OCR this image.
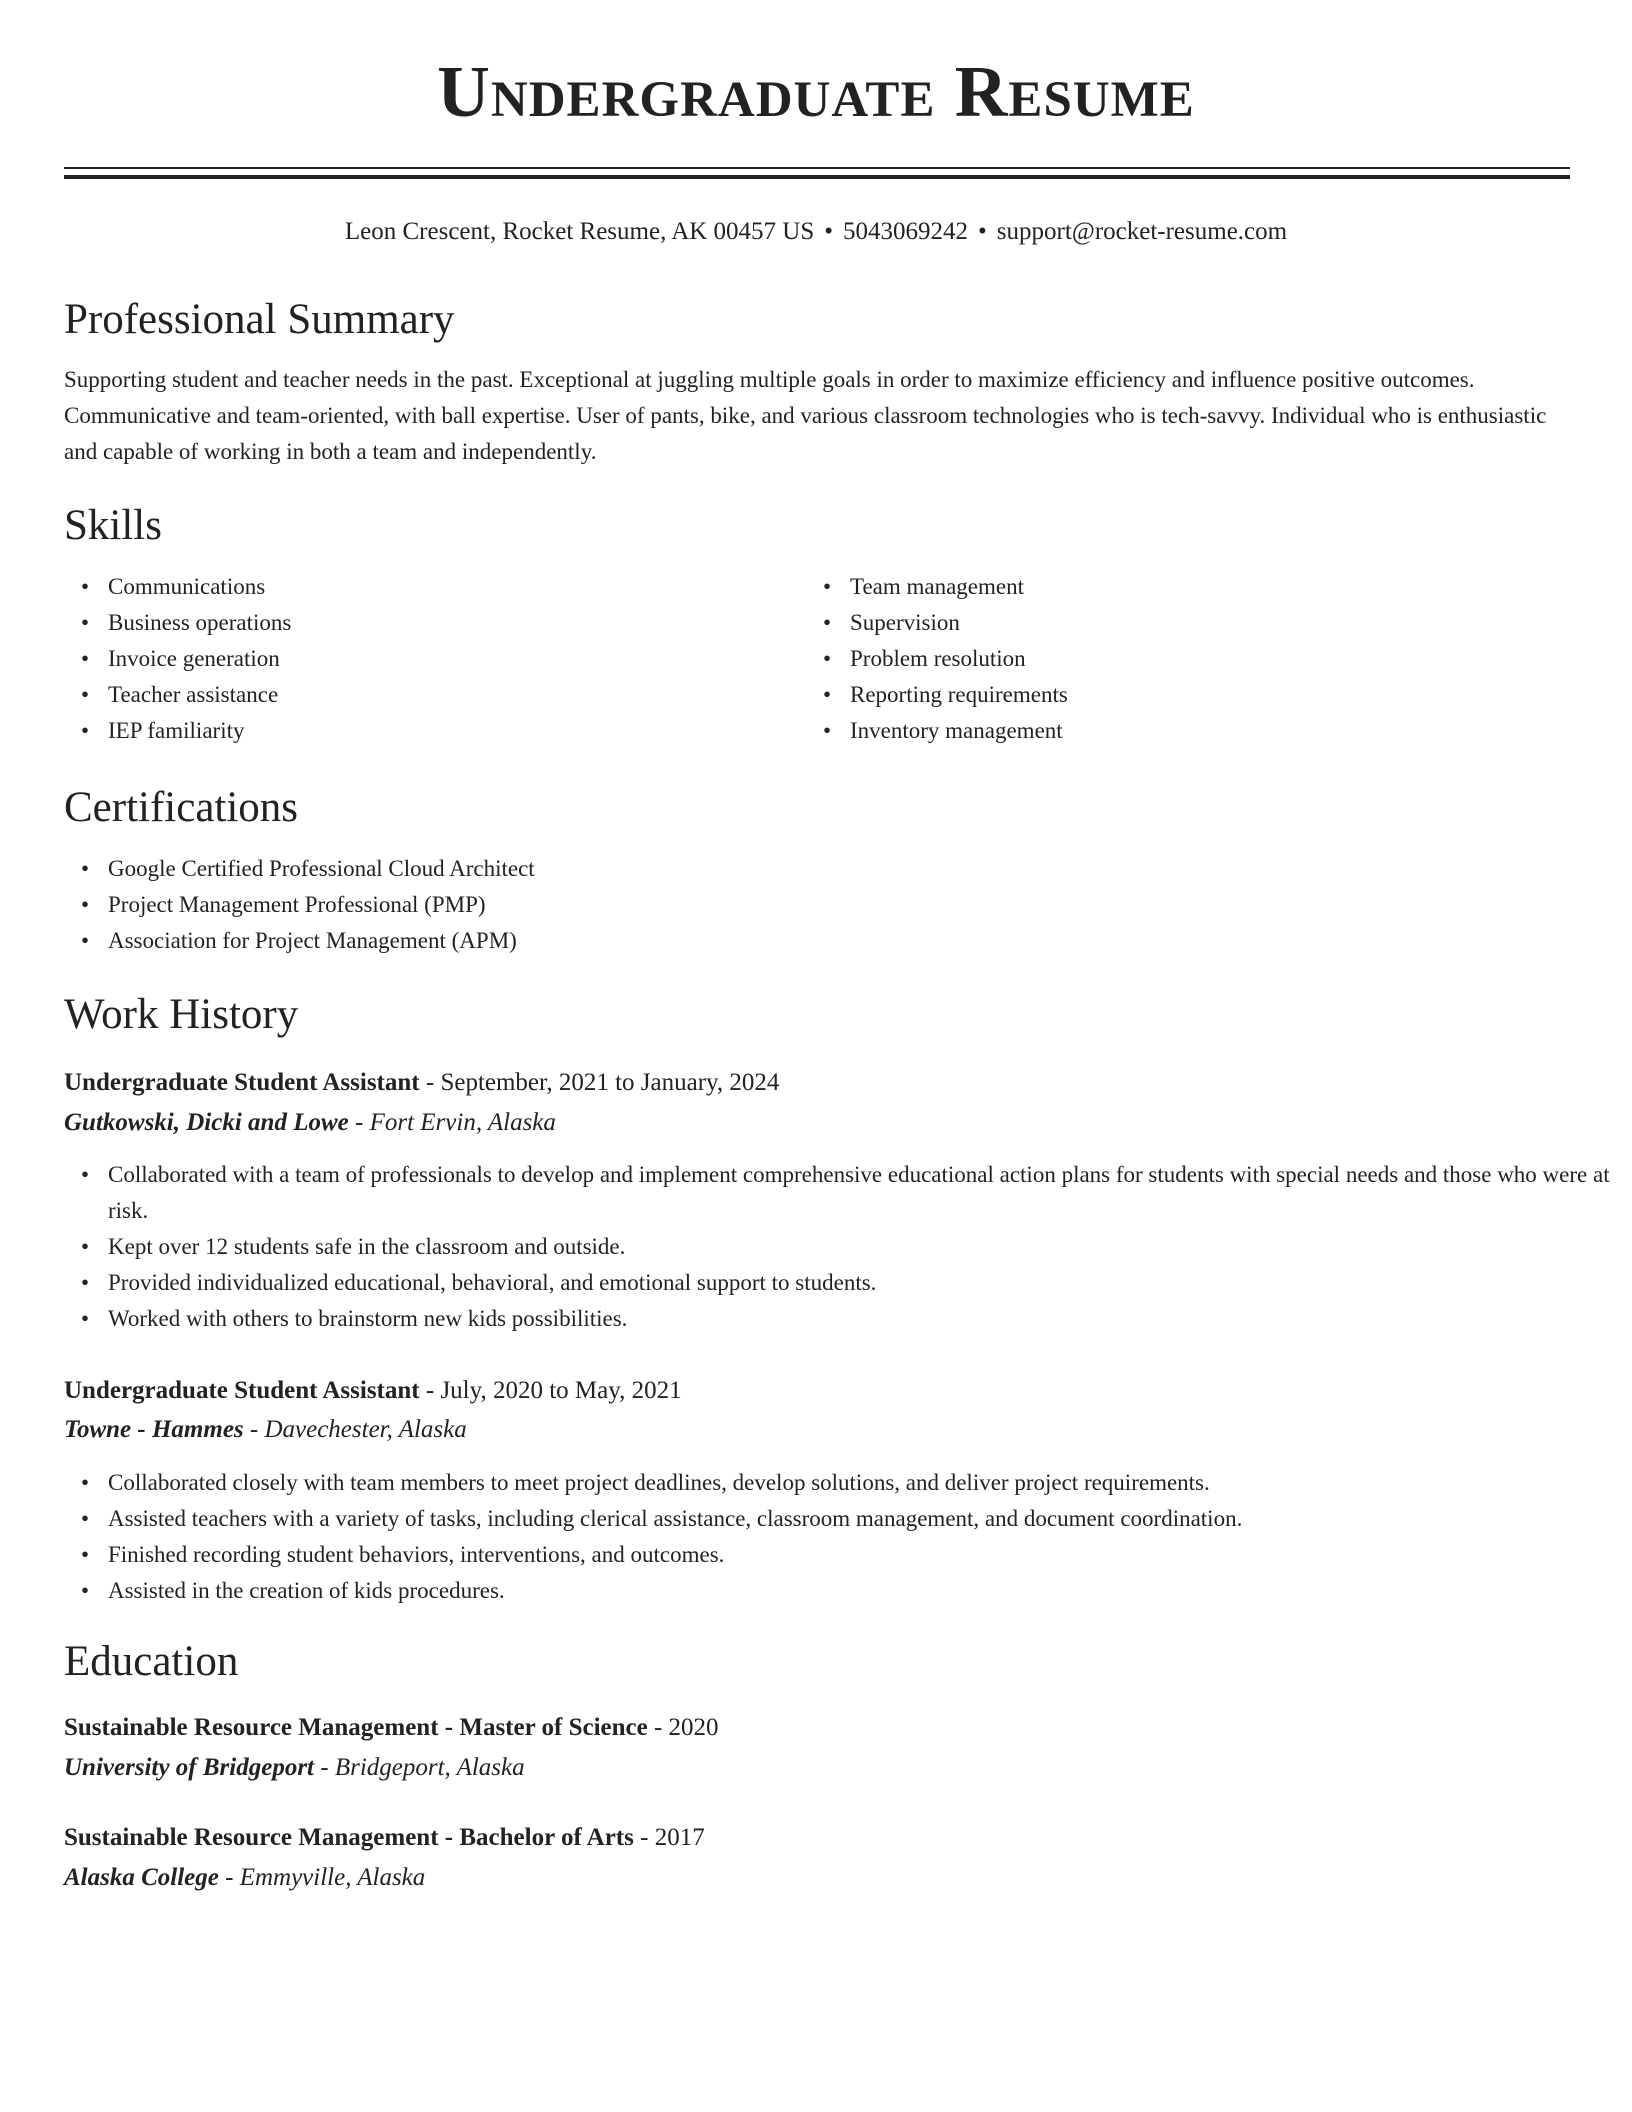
Undergraduate Resume
Leon Crescent, Rocket Resume, AK 00457 US • 5043069242 • support@rocket-resume.com
Professional Summary

Supporting student and teacher needs in the past. Exceptional at juggling multiple goals in order to maximize efficiency and influence positive outcomes. Communicative and team-oriented, with ball expertise. User of pants, bike, and various classroom technologies who is tech-savvy. Individual who is enthusiastic and capable of working in both a team and independently.

Skills
• Communications
• Business operations
• Invoice generation
• Teacher assistance
• IEP familiarity
• Team management
• Supervision
• Problem resolution
• Reporting requirements
• Inventory management
Certifications
• Google Certified Professional Cloud Architect
• Project Management Professional (PMP)
• Association for Project Management (APM)
Work History
Undergraduate Student Assistant - September, 2021 to January, 2024
Gutkowski, Dicki and Lowe - Fort Ervin, Alaska
• Collaborated with a team of professionals to develop and implement comprehensive educational action plans for students with special needs and those who were at risk.
• Kept over 12 students safe in the classroom and outside.
• Provided individualized educational, behavioral, and emotional support to students.
• Worked with others to brainstorm new kids possibilities.
Undergraduate Student Assistant - July, 2020 to May, 2021
Towne - Hammes - Davechester, Alaska
• Collaborated closely with team members to meet project deadlines, develop solutions, and deliver project requirements.
• Assisted teachers with a variety of tasks, including clerical assistance, classroom management, and document coordination.
• Finished recording student behaviors, interventions, and outcomes.
• Assisted in the creation of kids procedures.
Education
Sustainable Resource Management - Master of Science - 2020
University of Bridgeport - Bridgeport, Alaska
Sustainable Resource Management - Bachelor of Arts - 2017
Alaska College - Emmyville, Alaska
